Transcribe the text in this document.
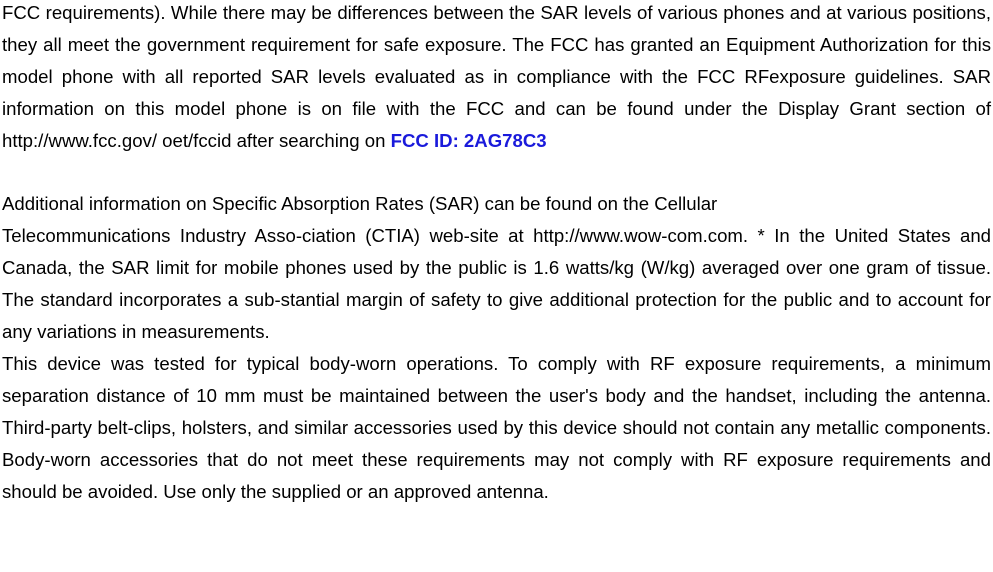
FCC requirements). While there may be differences between the SAR levels of various phones and at various positions, they all meet the government requirement for safe exposure. The FCC has granted an Equipment Authorization for this model phone with all reported SAR levels evaluated as in compliance with the FCC RFexposure guidelines. SAR information on this model phone is on file with the FCC and can be found under the Display Grant section of http://www.fcc.gov/ oet/fccid after searching on FCC ID: 2AG78C3

Additional information on Specific Absorption Rates (SAR) can be found on the Cellular

Telecommunications Industry Asso-ciation (CTIA) web-site at http://www.wow-com.com. * In the United States and Canada, the SAR limit for mobile phones used by the public is 1.6 watts/kg (W/kg) averaged over one gram of tissue. The standard incorporates a sub-stantial margin of safety to give additional protection for the public and to account for any variations in measurements.

This device was tested for typical body-worn operations. To comply with RF exposure requirements, a minimum separation distance of 10 mm must be maintained between the user's body and the handset, including the antenna. Third-party belt-clips, holsters, and similar accessories used by this device should not contain any metallic components. Body-worn accessories that do not meet these requirements may not comply with RF exposure requirements and should be avoided. Use only the supplied or an approved antenna.
